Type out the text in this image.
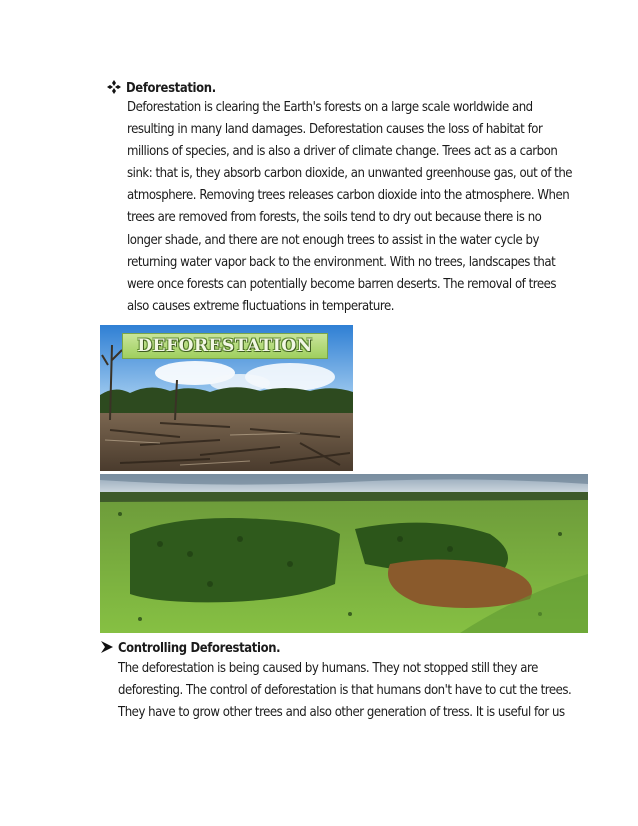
Deforestation.
Deforestation is clearing the Earth's forests on a large scale worldwide and
resulting in many land damages. Deforestation causes the loss of habitat for
millions of species, and is also a driver of climate change. Trees act as a carbon
sink: that is, they absorb carbon dioxide, an unwanted greenhouse gas, out of the
atmosphere. Removing trees releases carbon dioxide into the atmosphere. When
trees are removed from forests, the soils tend to dry out because there is no
longer shade, and there are not enough trees to assist in the water cycle by
returning water vapor back to the environment. With no trees, landscapes that
were once forests can potentially become barren deserts. The removal of trees
also causes extreme fluctuations in temperature.
DEFORESTATION
Controlling Deforestation.
The deforestation is being caused by humans. They not stopped still they are
deforesting. The control of deforestation is that humans don't have to cut the trees.
They have to grow other trees and also other generation of tress. It is useful for us
